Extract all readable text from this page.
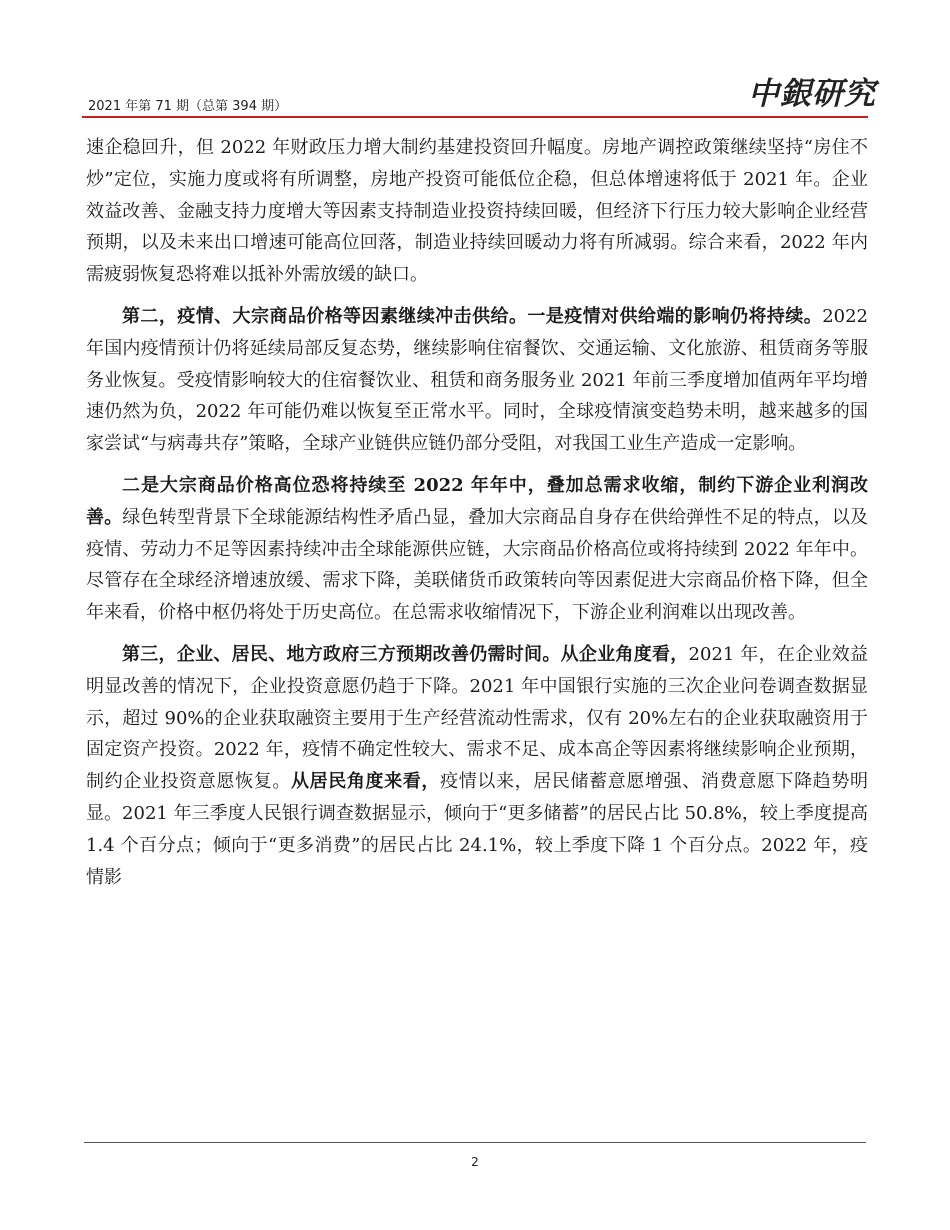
2021 年第 71 期（总第 394 期）	中銀研究

速企稳回升，但 2022 年财政压力增大制约基建投资回升幅度。房地产调控政策继续坚持“房住不炒”定位，实施力度或将有所调整，房地产投资可能低位企稳，但总体增速将低于 2021 年。企业效益改善、金融支持力度增大等因素支持制造业投资持续回暖，但经济下行压力较大影响企业经营预期，以及未来出口增速可能高位回落，制造业持续回暖动力将有所减弱。综合来看，2022 年内需疲弱恢复恐将难以抵补外需放缓的缺口。

第二，疫情、大宗商品价格等因素继续冲击供给。一是疫情对供给端的影响仍将持续。2022 年国内疫情预计仍将延续局部反复态势，继续影响住宿餐饮、交通运输、文化旅游、租赁商务等服务业恢复。受疫情影响较大的住宿餐饮业、租赁和商务服务业 2021 年前三季度增加值两年平均增速仍然为负，2022 年可能仍难以恢复至正常水平。同时，全球疫情演变趋势未明，越来越多的国家尝试“与病毒共存”策略，全球产业链供应链仍部分受阻，对我国工业生产造成一定影响。

二是大宗商品价格高位恐将持续至 2022 年年中，叠加总需求收缩，制约下游企业利润改善。绿色转型背景下全球能源结构性矛盾凸显，叠加大宗商品自身存在供给弹性不足的特点，以及疫情、劳动力不足等因素持续冲击全球能源供应链，大宗商品价格高位或将持续到 2022 年年中。尽管存在全球经济增速放缓、需求下降，美联储货币政策转向等因素促进大宗商品价格下降，但全年来看，价格中枢仍将处于历史高位。在总需求收缩情况下，下游企业利润难以出现改善。

第三，企业、居民、地方政府三方预期改善仍需时间。从企业角度看，2021 年，在企业效益明显改善的情况下，企业投资意愿仍趋于下降。2021 年中国银行实施的三次企业问卷调查数据显示，超过 90%的企业获取融资主要用于生产经营流动性需求，仅有 20%左右的企业获取融资用于固定资产投资。2022 年，疫情不确定性较大、需求不足、成本高企等因素将继续影响企业预期，制约企业投资意愿恢复。从居民角度来看，疫情以来，居民储蓄意愿增强、消费意愿下降趋势明显。2021 年三季度人民银行调查数据显示，倾向于“更多储蓄”的居民占比 50.8%，较上季度提高 1.4 个百分点；倾向于“更多消费”的居民占比 24.1%，较上季度下降 1 个百分点。2022 年，疫情影

2
